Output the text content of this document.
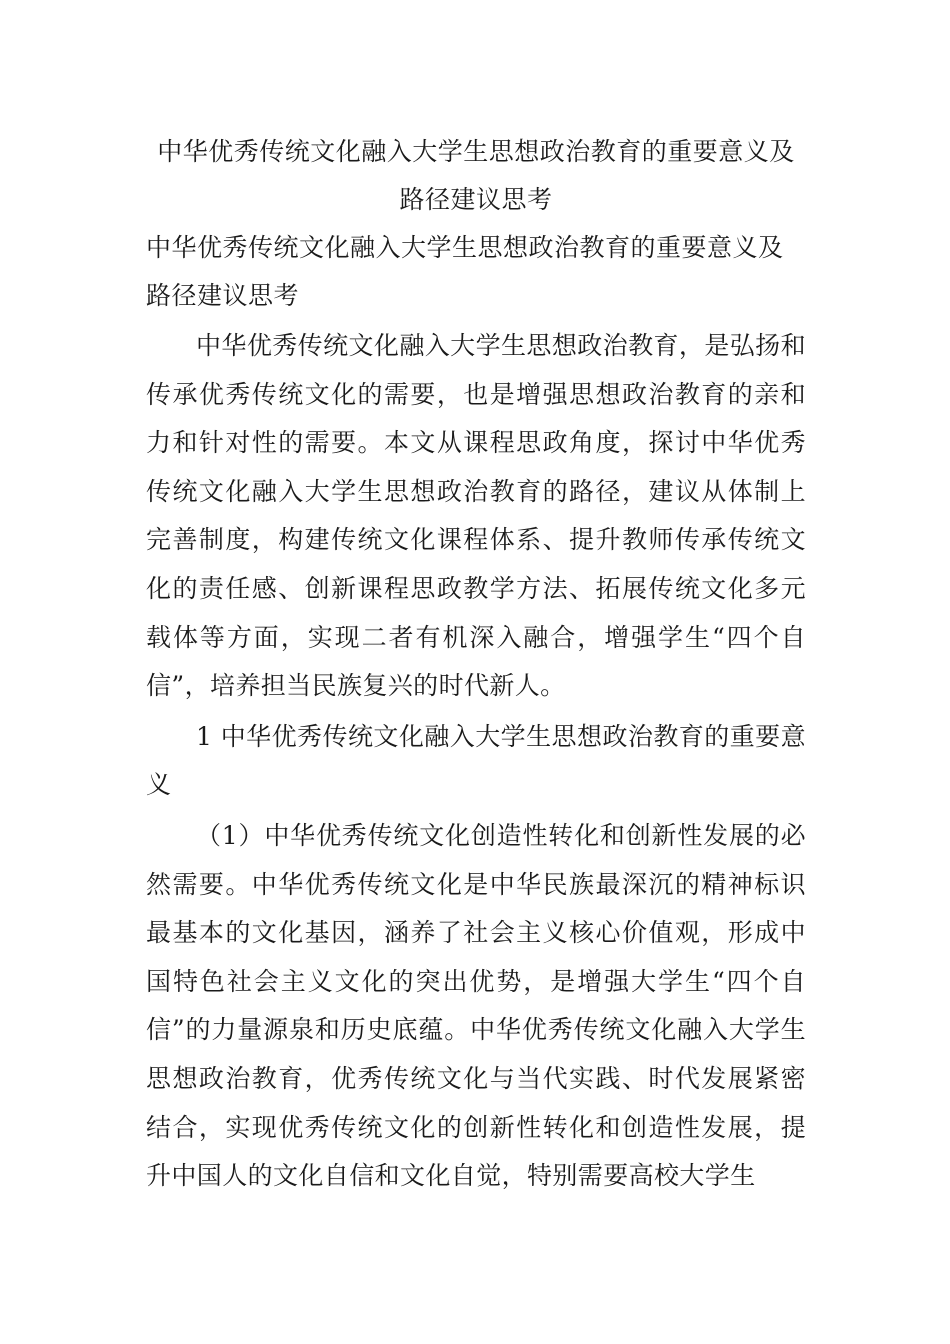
中华优秀传统文化融入大学生思想政治教育的重要意义及
路径建议思考
中华优秀传统文化融入大学生思想政治教育的重要意义及
路径建议思考

中华优秀传统文化融入大学生思想政治教育，是弘扬和传承优秀传统文化的需要，也是增强思想政治教育的亲和力和针对性的需要。本文从课程思政角度，探讨中华优秀传统文化融入大学生思想政治教育的路径，建议从体制上完善制度，构建传统文化课程体系、提升教师传承传统文化的责任感、创新课程思政教学方法、拓展传统文化多元载体等方面，实现二者有机深入融合，增强学生“四个自信”，培养担当民族复兴的时代新人。

1 中华优秀传统文化融入大学生思想政治教育的重要意义

（1）中华优秀传统文化创造性转化和创新性发展的必然需要。中华优秀传统文化是中华民族最深沉的精神标识最基本的文化基因，涵养了社会主义核心价值观，形成中国特色社会主义文化的突出优势，是增强大学生“四个自信”的力量源泉和历史底蕴。中华优秀传统文化融入大学生思想政治教育，优秀传统文化与当代实践、时代发展紧密结合，实现优秀传统文化的创新性转化和创造性发展，提升中国人的文化自信和文化自觉，特别需要高校大学生
